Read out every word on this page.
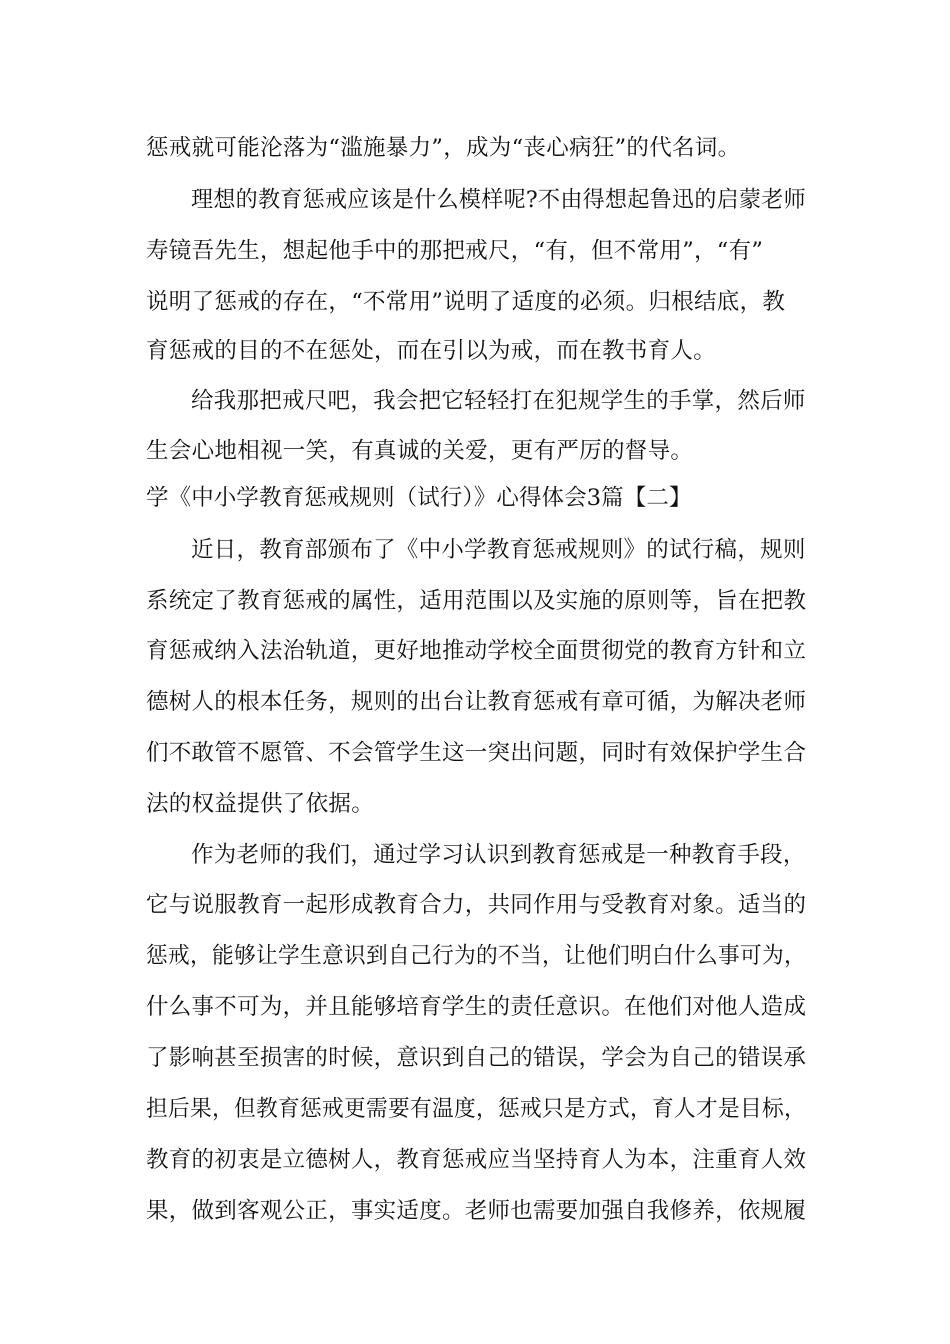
惩戒就可能沦落为“滥施暴力”，成为“丧心病狂”的代名词。
理想的教育惩戒应该是什么模样呢?不由得想起鲁迅的启蒙老师
寿镜吾先生，想起他手中的那把戒尺，“有，但不常用”，“有”
说明了惩戒的存在，“不常用”说明了适度的必须。归根结底，教
育惩戒的目的不在惩处，而在引以为戒，而在教书育人。
给我那把戒尺吧，我会把它轻轻打在犯规学生的手掌，然后师
生会心地相视一笑，有真诚的关爱，更有严厉的督导。
学《中小学教育惩戒规则（试行）》心得体会3篇【二】
近日，教育部颁布了《中小学教育惩戒规则》的试行稿，规则
系统定了教育惩戒的属性，适用范围以及实施的原则等，旨在把教
育惩戒纳入法治轨道，更好地推动学校全面贯彻党的教育方针和立
德树人的根本任务，规则的出台让教育惩戒有章可循，为解决老师
们不敢管不愿管、不会管学生这一突出问题，同时有效保护学生合
法的权益提供了依据。
作为老师的我们，通过学习认识到教育惩戒是一种教育手段，
它与说服教育一起形成教育合力，共同作用与受教育对象。适当的
惩戒，能够让学生意识到自己行为的不当，让他们明白什么事可为，
什么事不可为，并且能够培育学生的责任意识。在他们对他人造成
了影响甚至损害的时候，意识到自己的错误，学会为自己的错误承
担后果，但教育惩戒更需要有温度，惩戒只是方式，育人才是目标，
教育的初衷是立德树人，教育惩戒应当坚持育人为本，注重育人效
果，做到客观公正，事实适度。老师也需要加强自我修养，依规履
